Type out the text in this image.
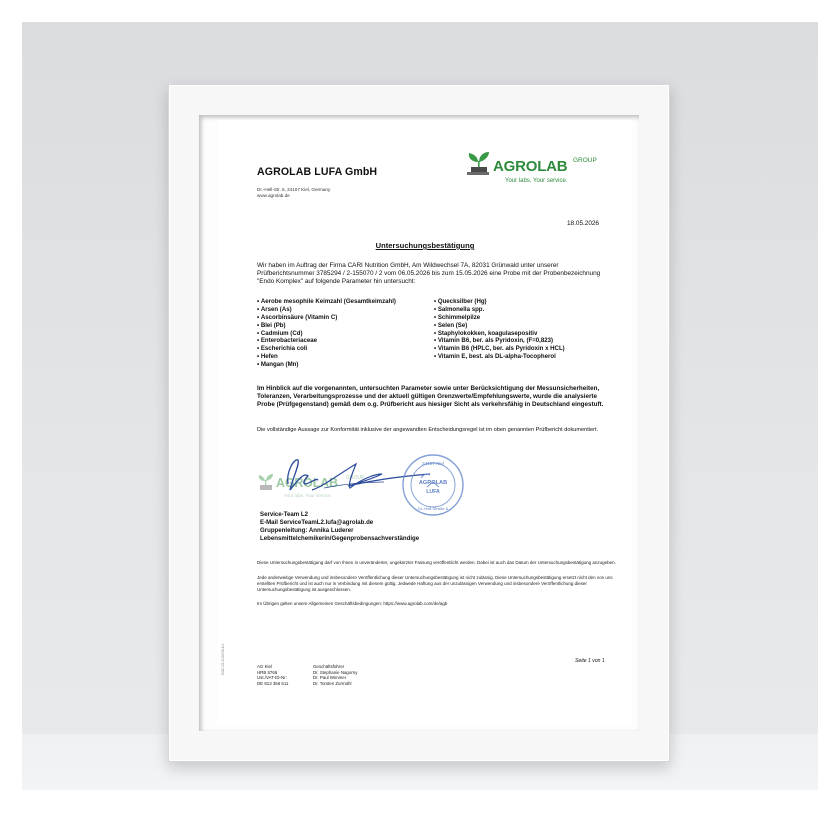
AGROLAB LUFA GmbH
Dr.-Hell-Str. 6, 24107 Kiel, Germany
www.agrolab.de
AGROLAB GROUP
Your labs. Your service.
18.05.2026
Untersuchungsbestätigung
Wir haben im Auftrag der Firma CARI Nutrition GmbH, Am Wildwechsel 7A, 82031 Grünwald unter unserer Prüfberichtsnummer 3785294 / 2-155070 / 2 vom 06.05.2026 bis zum 15.05.2026 eine Probe mit der Probenbezeichnung "Endo Komplex" auf folgende Parameter hin untersucht:
• Aerobe mesophile Keimzahl (Gesamtkeimzahl)
• Arsen (As)
• Ascorbinsäure (Vitamin C)
• Blei (Pb)
• Cadmium (Cd)
• Enterobacteriaceae
• Escherichia coli
• Hefen
• Mangan (Mn)
• Quecksilber (Hg)
• Salmonella spp.
• Schimmelpilze
• Selen (Se)
• Staphylokokken, koagulasepositiv
• Vitamin B6, ber. als Pyridoxin, (F=0,823)
• Vitamin B6 (HPLC, ber. als Pyridoxin x HCL)
• Vitamin E, best. als DL-alpha-Tocopherol
Im Hinblick auf die vorgenannten, untersuchten Parameter sowie unter Berücksichtigung der Messunsicherheiten, Toleranzen, Verarbeitungsprozesse und der aktuell gültigen Grenzwerte/Empfehlungswerte, wurde die analysierte Probe (Prüfgegenstand) gemäß dem o.g. Prüfbericht aus hiesiger Sicht als verkehrsfähig in Deutschland eingestuft.
Die vollständige Aussage zur Konformität inklusive der angewandten Entscheidungsregel ist im oben genannten Prüfbericht dokumentiert.
AGROLAB GROUP
Your labs. Your service.
24107 Kiel
AGROLAB
LUFA
Dr.-Hell-Straße 6
Service-Team L2
E-Mail ServiceTeamL2.lufa@agrolab.de
Gruppenleitung: Annika Luderer
Lebensmittelchemikerin/Gegenprobensachverständige
Diese Untersuchungsbestätigung darf von Ihnen in unveränderter, ungekürzter Fassung veröffentlicht werden. Dabei ist auch das Datum der Untersuchungsbestätigung anzugeben.
Jede anderweitige Verwendung und insbesondere Veröffentlichung dieser Untersuchungsbestätigung ist nicht zulässig. Diese Untersuchungsbestätigung ersetzt nicht den von uns erstellten Prüfbericht und ist auch nur in Verbindung mit diesem gültig. Jedwede Haftung aus der unzulässigen Verwendung und insbesondere Veröffentlichung dieser Untersuchungsbestätigung ist ausgeschlossen.
Im Übrigen gelten unsere Allgemeinen Geschäftsbedingungen: https://www.agrolab.com/de/agb
DOC-25-20260518-1	Seite 1 von 1
AG Kiel
HRB 5766
Ust./VAT-ID-Nr:
DE 813 356 511
Geschäftsführer
Dr. Stephanie Nagorny
Dr. Paul Wimmer
Dr. Torsten Zurmühl
